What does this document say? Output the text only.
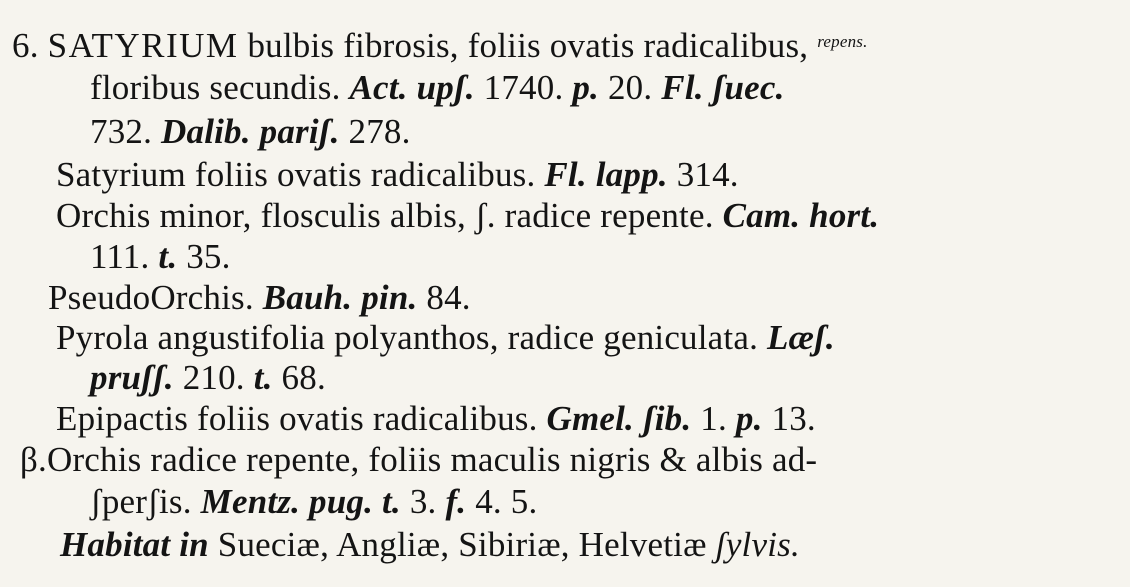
6. SATYRIUM bulbis fibrosis, foliis ovatis radicalibus, $^{repens.}$
floribus secundis. Act. upʃ. 1740. p. 20. Fl. ʃuec.
732. Dalib. pariʃ. 278.
Satyrium foliis ovatis radicalibus. Fl. lapp. 314.
Orchis minor, flosculis albis, ʃ. radice repente. Cam. hort.
111. t. 35.
PseudoOrchis. Bauh. pin. 84.
Pyrola angustifolia polyanthos, radice geniculata. Læʃ.
pruʃʃ. 210. t. 68.
Epipactis foliis ovatis radicalibus. Gmel. ʃib. 1. p. 13.
β.Orchis radice repente, foliis maculis nigris & albis ad-
ʃperʃis. Mentz. pug. t. 3. f. 4. 5.
Habitat in Sueciæ, Angliæ, Sibiriæ, Helvetiæ ʃylvis.
